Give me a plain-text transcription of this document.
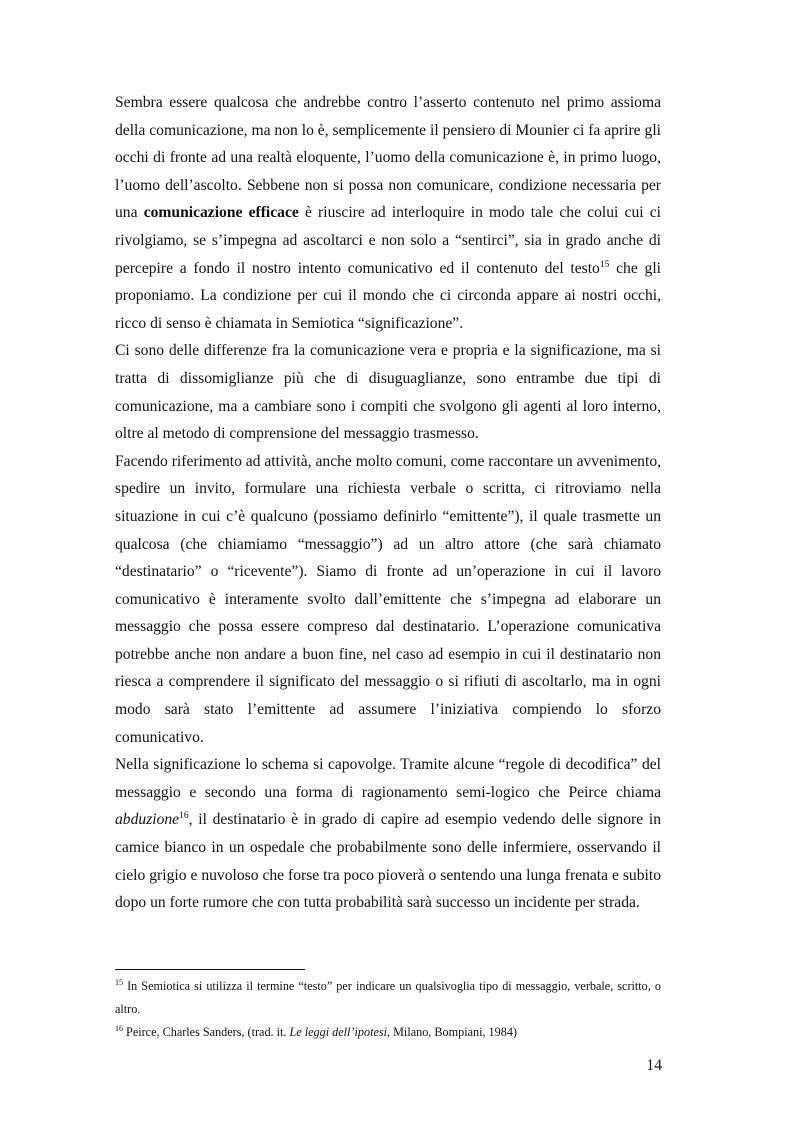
Sembra essere qualcosa che andrebbe contro l’asserto contenuto nel primo assioma della comunicazione, ma non lo è, semplicemente il pensiero di Mounier ci fa aprire gli occhi di fronte ad una realtà eloquente, l’uomo della comunicazione è, in primo luogo, l’uomo dell’ascolto. Sebbene non si possa non comunicare, condizione necessaria per una comunicazione efficace è riuscire ad interloquire in modo tale che colui cui ci rivolgiamo, se s’impegna ad ascoltarci e non solo a “sentirci”, sia in grado anche di percepire a fondo il nostro intento comunicativo ed il contenuto del testo$^{15}$ che gli proponiamo. La condizione per cui il mondo che ci circonda appare ai nostri occhi, ricco di senso è chiamata in Semiotica “significazione”.

Ci sono delle differenze fra la comunicazione vera e propria e la significazione, ma si tratta di dissomiglianze più che di disuguaglianze, sono entrambe due tipi di comunicazione, ma a cambiare sono i compiti che svolgono gli agenti al loro interno, oltre al metodo di comprensione del messaggio trasmesso.

Facendo riferimento ad attività, anche molto comuni, come raccontare un avvenimento, spedire un invito, formulare una richiesta verbale o scritta, ci ritroviamo nella situazione in cui c’è qualcuno (possiamo definirlo “emittente”), il quale trasmette un qualcosa (che chiamiamo “messaggio”) ad un altro attore (che sarà chiamato “destinatario” o “ricevente”). Siamo di fronte ad un’operazione in cui il lavoro comunicativo è interamente svolto dall’emittente che s’impegna ad elaborare un messaggio che possa essere compreso dal destinatario. L’operazione comunicativa potrebbe anche non andare a buon fine, nel caso ad esempio in cui il destinatario non riesca a comprendere il significato del messaggio o si rifiuti di ascoltarlo, ma in ogni modo sarà stato l’emittente ad assumere l’iniziativa compiendo lo sforzo comunicativo.

Nella significazione lo schema si capovolge. Tramite alcune “regole di decodifica” del messaggio e secondo una forma di ragionamento semi-logico che Peirce chiama abduzione$^{16}$, il destinatario è in grado di capire ad esempio vedendo delle signore in camice bianco in un ospedale che probabilmente sono delle infermiere, osservando il cielo grigio e nuvoloso che forse tra poco pioverà o sentendo una lunga frenata e subito dopo un forte rumore che con tutta probabilità sarà successo un incidente per strada.

$^{15}$ In Semiotica si utilizza il termine “testo” per indicare un qualsivoglia tipo di messaggio, verbale, scritto, o altro.

$^{16}$ Peirce, Charles Sanders, (trad. it. Le leggi dell’ipotesi, Milano, Bompiani, 1984)

14
